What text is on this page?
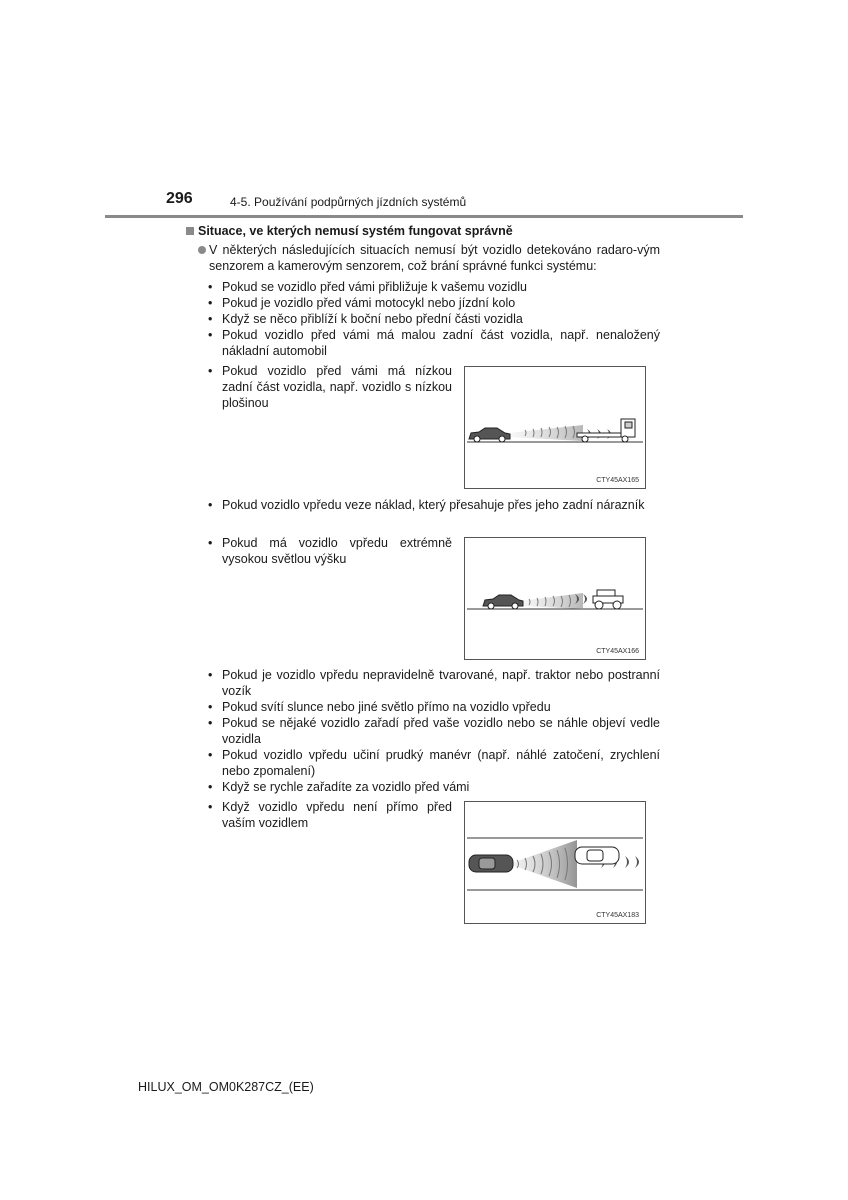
296	4-5. Používání podpůrných jízdních systémů
Situace, ve kterých nemusí systém fungovat správně
V některých následujících situacích nemusí být vozidlo detekováno radaro-vým senzorem a kamerovým senzorem, což brání správné funkci systému:
• Pokud se vozidlo před vámi přibližuje k vašemu vozidlu
• Pokud je vozidlo před vámi motocykl nebo jízdní kolo
• Když se něco přiblíží k boční nebo přední části vozidla
• Pokud vozidlo před vámi má malou zadní část vozidla, např. nenaložený nákladní automobil
• Pokud vozidlo před vámi má nízkou zadní část vozidla, např. vozidlo s nízkou plošinou
CTY45AX165
• Pokud vozidlo vpředu veze náklad, který přesahuje přes jeho zadní nárazník
• Pokud má vozidlo vpředu extrémně vysokou světlou výšku
CTY45AX166
• Pokud je vozidlo vpředu nepravidelně tvarované, např. traktor nebo postranní vozík
• Pokud svítí slunce nebo jiné světlo přímo na vozidlo vpředu
• Pokud se nějaké vozidlo zařadí před vaše vozidlo nebo se náhle objeví vedle vozidla
• Pokud vozidlo vpředu učiní prudký manévr (např. náhlé zatočení, zrychlení nebo zpomalení)
• Když se rychle zařadíte za vozidlo před vámi
• Když vozidlo vpředu není přímo před vaším vozidlem
CTY45AX183
HILUX_OM_OM0K287CZ_(EE)
